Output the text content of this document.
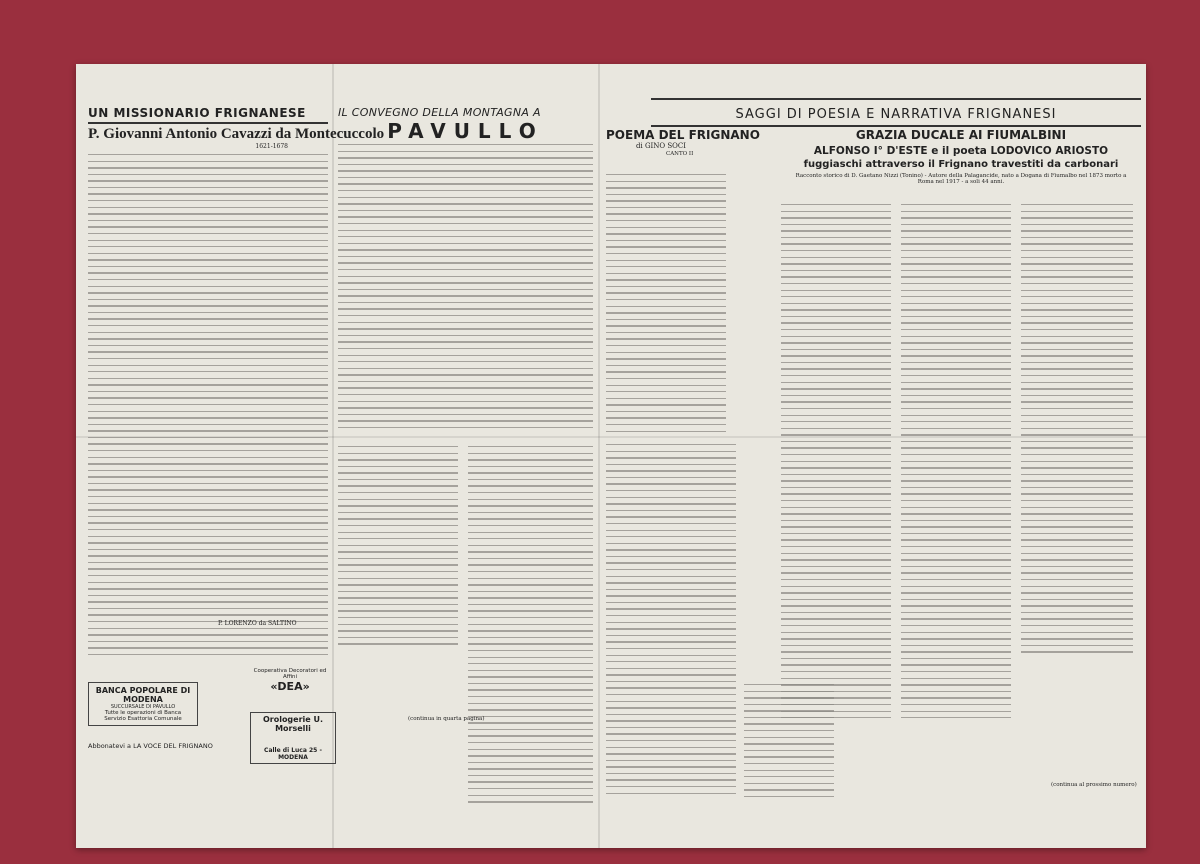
UN MISSIONARIO FRIGNANESE
P. Giovanni Antonio Cavazzi da Montecuccolo
1621-1678
P. LORENZO da SALTINO
BANCA POPOLARE DI MODENA
SUCCURSALE DI PAVULLO
Tutte le operazioni di Banca
Servizio Esattoria Comunale
Abbonatevi a LA VOCE DEL FRIGNANO
IL CONVEGNO DELLA MONTAGNA A
PAVULLO
Cooperativa Decoratori ed Affini
«DEA»
Orologerie U. Morselli
Calle di Luca 25 - MODENA
(continua in quarta pagina)
POEMA DEL FRIGNANO
di GINO SOCI
CANTO II
SAGGI DI POESIA E NARRATIVA FRIGNANESI
GRAZIA DUCALE AI FIUMALBINI
ALFONSO I° D'ESTE e il poeta LODOVICO ARIOSTO
fuggiaschi attraverso il Frignano travestiti da carbonari
Racconto storico di D. Gaetano Nizzi (Tonino) - Autore della Palagancide, nato a Dogana di Fiumalbo nel 1873 morto a Roma nel 1917 - a soli 44 anni.
(continua al prossimo numero)
